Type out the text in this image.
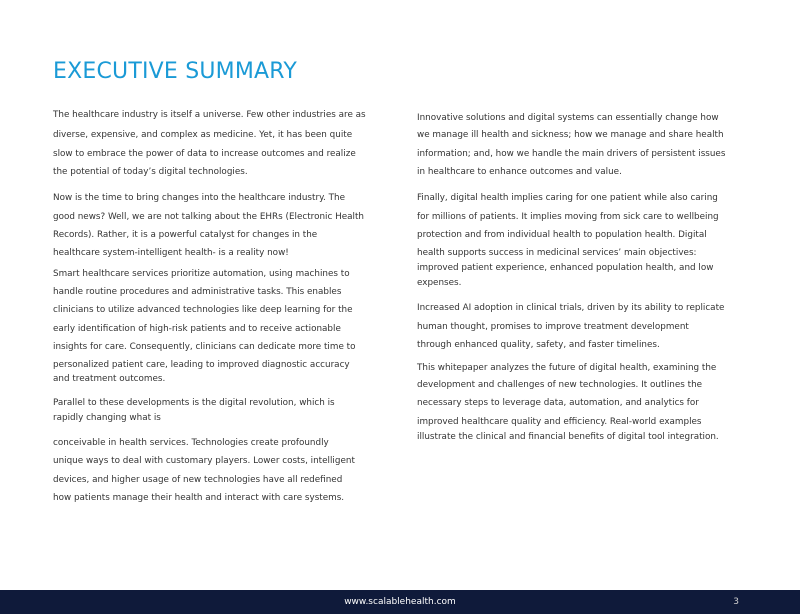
EXECUTIVE SUMMARY
The healthcare industry is itself a universe. Few other industries are as
diverse, expensive, and complex as medicine. Yet, it has been quite
slow to embrace the power of data to increase outcomes and realize
the potential of today’s digital technologies.
Now is the time to bring changes into the healthcare industry. The
good news? Well, we are not talking about the EHRs (Electronic Health
Records). Rather, it is a powerful catalyst for changes in the
healthcare system-intelligent health- is a reality now!
Smart healthcare services prioritize automation, using machines to
handle routine procedures and administrative tasks. This enables
clinicians to utilize advanced technologies like deep learning for the
early identification of high-risk patients and to receive actionable
insights for care. Consequently, clinicians can dedicate more time to
personalized patient care, leading to improved diagnostic accuracy
and treatment outcomes.
Parallel to these developments is the digital revolution, which is
rapidly changing what is
conceivable in health services. Technologies create profoundly
unique ways to deal with customary players. Lower costs, intelligent
devices, and higher usage of new technologies have all redefined
how patients manage their health and interact with care systems.
Innovative solutions and digital systems can essentially change how
we manage ill health and sickness; how we manage and share health
information; and, how we handle the main drivers of persistent issues
in healthcare to enhance outcomes and value.
Finally, digital health implies caring for one patient while also caring
for millions of patients. It implies moving from sick care to wellbeing
protection and from individual health to population health. Digital
health supports success in medicinal services’ main objectives:
improved patient experience, enhanced population health, and low
expenses.
Increased AI adoption in clinical trials, driven by its ability to replicate
human thought, promises to improve treatment development
through enhanced quality, safety, and faster timelines.
This whitepaper analyzes the future of digital health, examining the
development and challenges of new technologies. It outlines the
necessary steps to leverage data, automation, and analytics for
improved healthcare quality and efficiency. Real-world examples
illustrate the clinical and financial benefits of digital tool integration.
www.scalablehealth.com	3
